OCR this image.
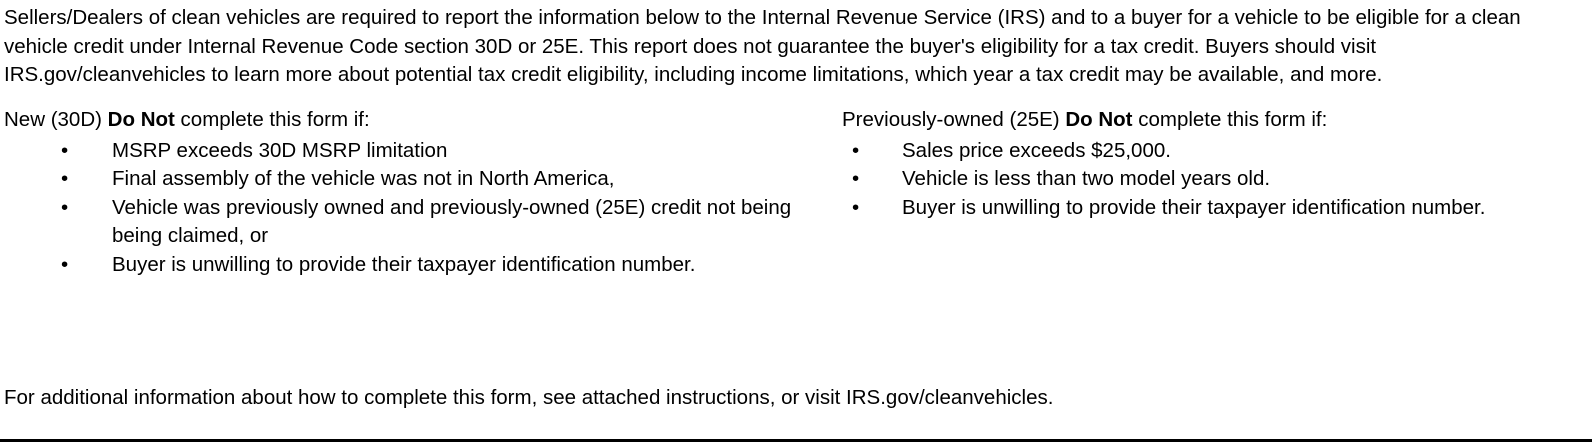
Sellers/Dealers of clean vehicles are required to report the information below to the Internal Revenue Service (IRS) and to a buyer for a vehicle to be eligible for a clean vehicle credit under Internal Revenue Code section 30D or 25E. This report does not guarantee the buyer's eligibility for a tax credit. Buyers should visit IRS.gov/cleanvehicles to learn more about potential tax credit eligibility, including income limitations, which year a tax credit may be available, and more.

New (30D) Do Not complete this form if:

• MSRP exceeds 30D MSRP limitation
• Final assembly of the vehicle was not in North America,
• Vehicle was previously owned and previously-owned (25E) credit not being being claimed, or
• Buyer is unwilling to provide their taxpayer identification number.

Previously-owned (25E) Do Not complete this form if:

• Sales price exceeds $25,000.
• Vehicle is less than two model years old.
• Buyer is unwilling to provide their taxpayer identification number.

For additional information about how to complete this form, see attached instructions, or visit IRS.gov/cleanvehicles.
